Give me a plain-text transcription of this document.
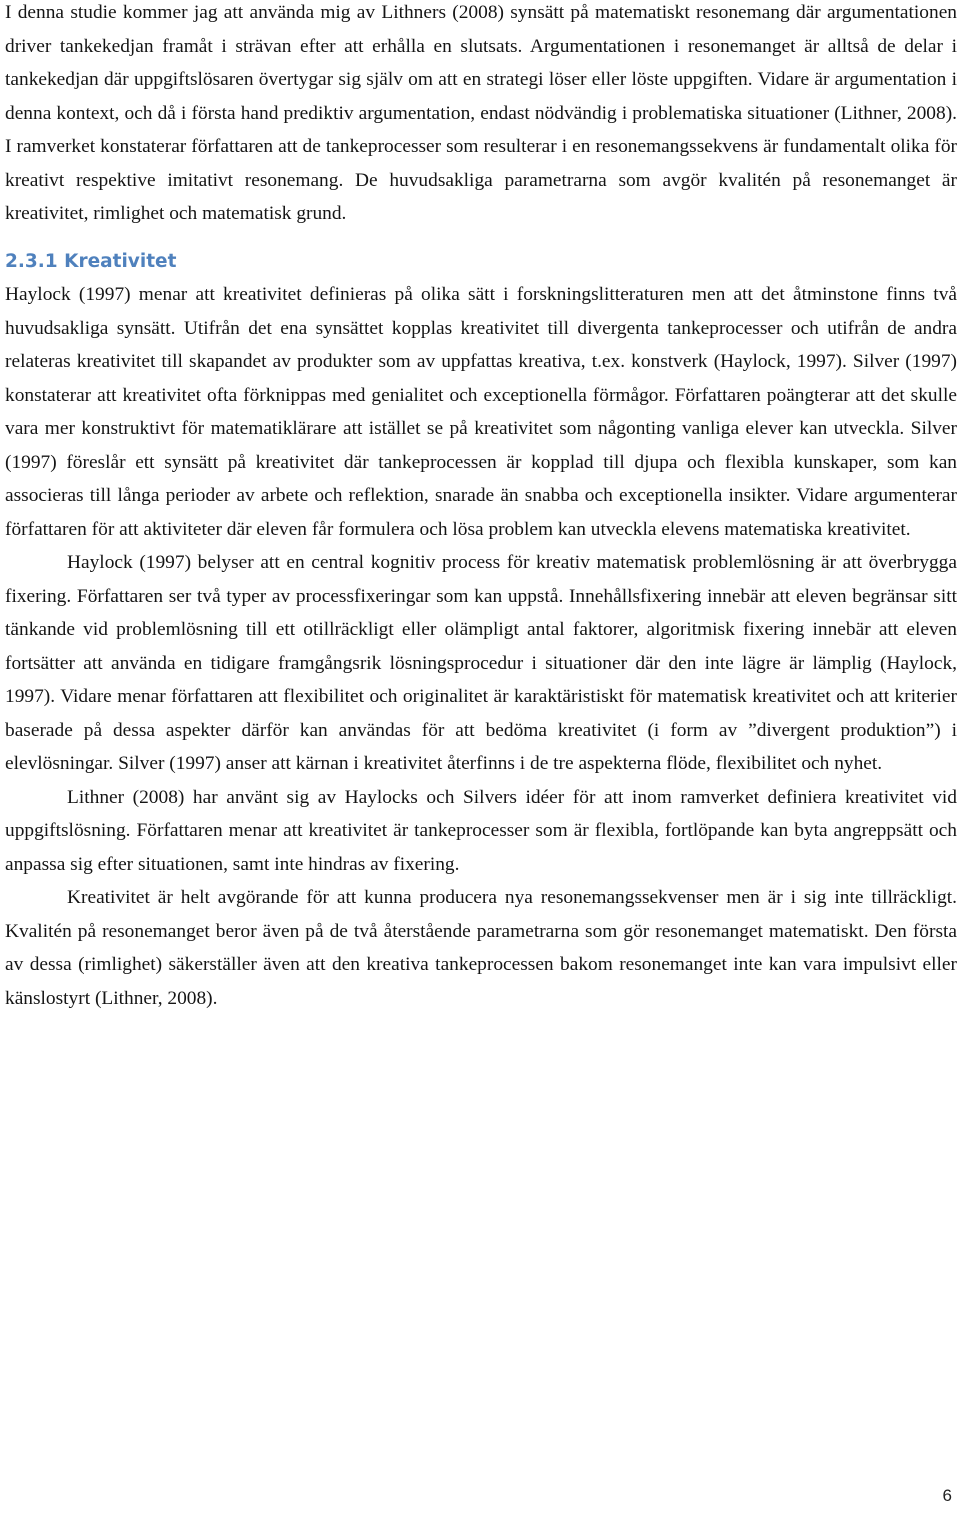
I denna studie kommer jag att använda mig av Lithners (2008) synsätt på matematiskt resonemang där argumentationen driver tankekedjan framåt i strävan efter att erhålla en slutsats. Argumentationen i resonemanget är alltså de delar i tankekedjan där uppgiftslösaren övertygar sig själv om att en strategi löser eller löste uppgiften. Vidare är argumentation i denna kontext, och då i första hand prediktiv argumentation, endast nödvändig i problematiska situationer (Lithner, 2008). I ramverket konstaterar författaren att de tankeprocesser som resulterar i en resonemangssekvens är fundamentalt olika för kreativt respektive imitativt resonemang. De huvudsakliga parametrarna som avgör kvalitén på resonemanget är kreativitet, rimlighet och matematisk grund.

2.3.1 Kreativitet

Haylock (1997) menar att kreativitet definieras på olika sätt i forskningslitteraturen men att det åtminstone finns två huvudsakliga synsätt. Utifrån det ena synsättet kopplas kreativitet till divergenta tankeprocesser och utifrån de andra relateras kreativitet till skapandet av produkter som av uppfattas kreativa, t.ex. konstverk (Haylock, 1997). Silver (1997) konstaterar att kreativitet ofta förknippas med genialitet och exceptionella förmågor. Författaren poängterar att det skulle vara mer konstruktivt för matematiklärare att istället se på kreativitet som någonting vanliga elever kan utveckla. Silver (1997) föreslår ett synsätt på kreativitet där tankeprocessen är kopplad till djupa och flexibla kunskaper, som kan associeras till långa perioder av arbete och reflektion, snarade än snabba och exceptionella insikter. Vidare argumenterar författaren för att aktiviteter där eleven får formulera och lösa problem kan utveckla elevens matematiska kreativitet.

Haylock (1997) belyser att en central kognitiv process för kreativ matematisk problemlösning är att överbrygga fixering. Författaren ser två typer av processfixeringar som kan uppstå. Innehållsfixering innebär att eleven begränsar sitt tänkande vid problemlösning till ett otillräckligt eller olämpligt antal faktorer, algoritmisk fixering innebär att eleven fortsätter att använda en tidigare framgångsrik lösningsprocedur i situationer där den inte lägre är lämplig (Haylock, 1997). Vidare menar författaren att flexibilitet och originalitet är karaktäristiskt för matematisk kreativitet och att kriterier baserade på dessa aspekter därför kan användas för att bedöma kreativitet (i form av ”divergent produktion”) i elevlösningar. Silver (1997) anser att kärnan i kreativitet återfinns i de tre aspekterna flöde, flexibilitet och nyhet.

Lithner (2008) har använt sig av Haylocks och Silvers idéer för att inom ramverket definiera kreativitet vid uppgiftslösning. Författaren menar att kreativitet är tankeprocesser som är flexibla, fortlöpande kan byta angreppsätt och anpassa sig efter situationen, samt inte hindras av fixering.

Kreativitet är helt avgörande för att kunna producera nya resonemangssekvenser men är i sig inte tillräckligt. Kvalitén på resonemanget beror även på de två återstående parametrarna som gör resonemanget matematiskt. Den första av dessa (rimlighet) säkerställer även att den kreativa tankeprocessen bakom resonemanget inte kan vara impulsivt eller känslostyrt (Lithner, 2008).

6
